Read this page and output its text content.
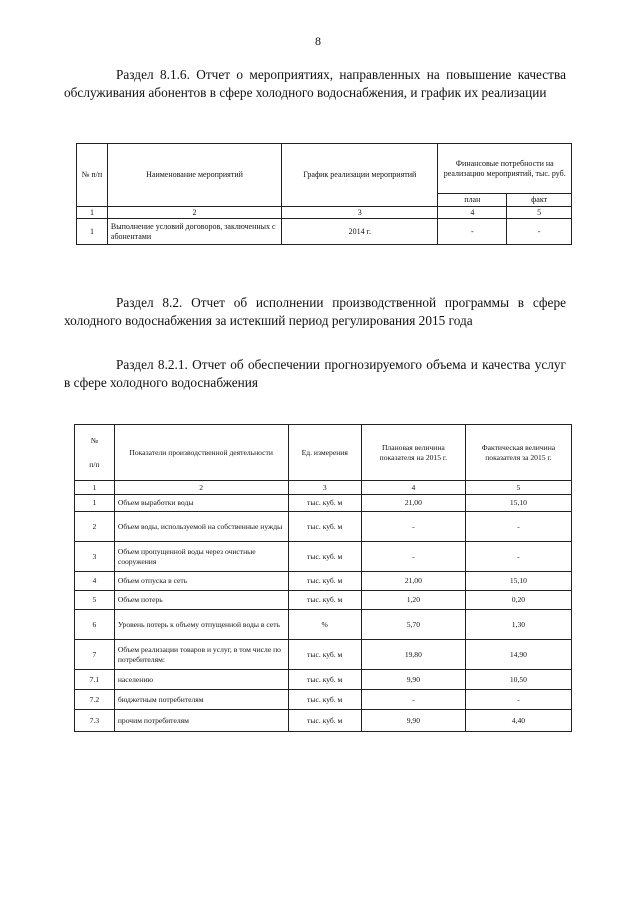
8
Раздел 8.1.6. Отчет о мероприятиях, направленных на повышение качества обслуживания абонентов в сфере холодного водоснабжения, и график их реализации
№ п/п	Наименование мероприятий	График реализации мероприятий	Финансовые потребности на реализацию мероприятий, тыс. руб.	
			план	факт
1	2	3	4	5
1	Выполнение условий договоров, заключенных с абонентами	2014 г.	-	-
Раздел 8.2. Отчет об исполнении производственной программы в сфере холодного водоснабжения за истекший период регулирования 2015 года
Раздел 8.2.1. Отчет об обеспечении прогнозируемого объема и качества услуг в сфере холодного водоснабжения
№
п/п	Показатели производственной деятельности	Ед. измерения	Плановая величина показателя на 2015 г.	Фактическая величина показателя за 2015 г.
1	2	3	4	5
1	Объем выработки воды	тыс. куб. м	21,00	15,10
2	Объем воды, используемой на собственные нужды	тыс. куб. м	-	-
3	Объем пропущенной воды через очистные сооружения	тыс. куб. м	-	-
4	Объем отпуска в сеть	тыс. куб. м	21,00	15,10
5	Объем потерь	тыс. куб. м	1,20	0,20
6	Уровень потерь к объему отпущенной воды в сеть	%	5,70	1,30
7	Объем реализации товаров и услуг, в том числе по потребителям:	тыс. куб. м	19,80	14,90
7.1	населению	тыс. куб. м	9,90	10,50
7.2	бюджетным потребителям	тыс. куб. м	-	-
7.3	прочим потребителям	тыс. куб. м	9,90	4,40
